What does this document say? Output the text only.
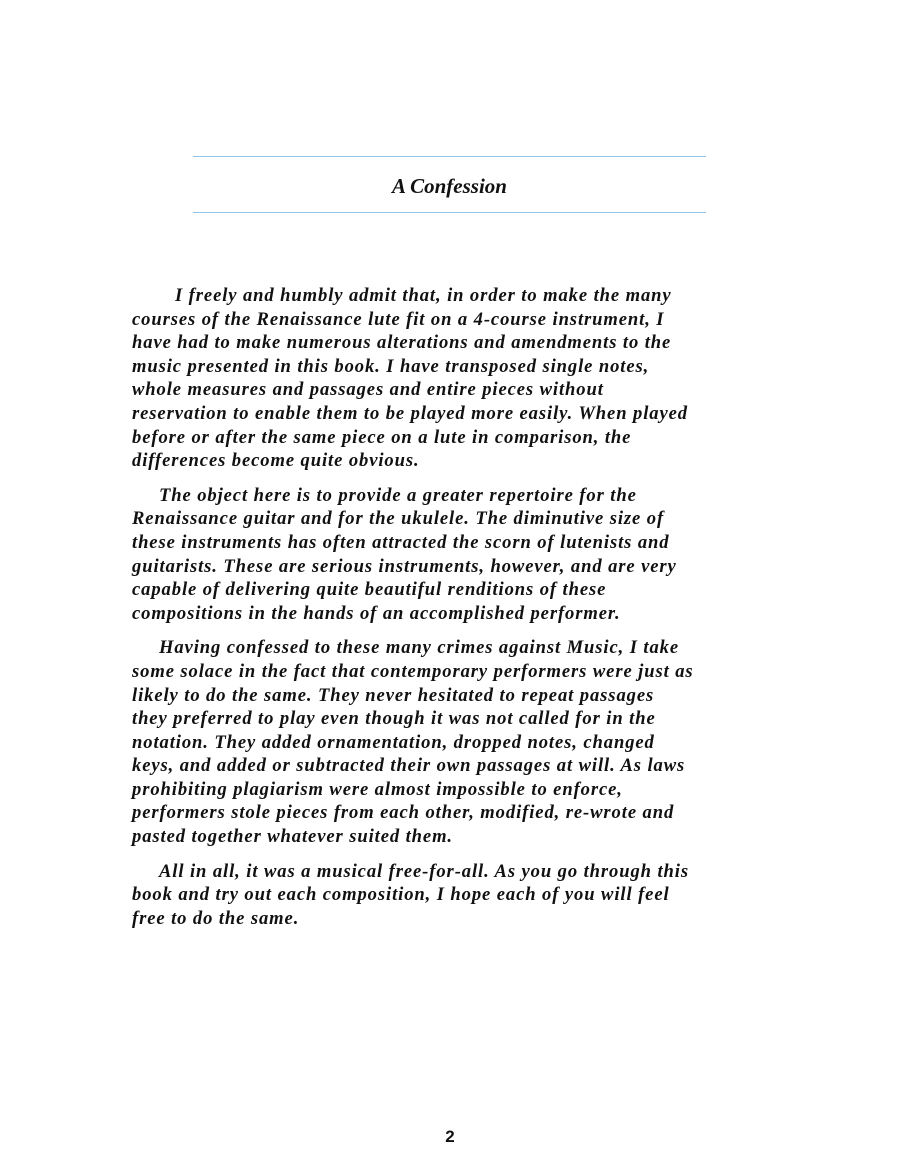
A Confession

I freely and humbly admit that, in order to make the many
courses of the Renaissance lute fit on a 4-course instrument, I
have had to make numerous alterations and amendments to the
music presented in this book. I have transposed single notes,
whole measures and passages and entire pieces without
reservation to enable them to be played more easily. When played
before or after the same piece on a lute in comparison, the
differences become quite obvious.

The object here is to provide a greater repertoire for the
Renaissance guitar and for the ukulele. The diminutive size of
these instruments has often attracted the scorn of lutenists and
guitarists. These are serious instruments, however, and are very
capable of delivering quite beautiful renditions of these
compositions in the hands of an accomplished performer.

Having confessed to these many crimes against Music, I take
some solace in the fact that contemporary performers were just as
likely to do the same. They never hesitated to repeat passages
they preferred to play even though it was not called for in the
notation. They added ornamentation, dropped notes, changed
keys, and added or subtracted their own passages at will. As laws
prohibiting plagiarism were almost impossible to enforce,
performers stole pieces from each other, modified, re-wrote and
pasted together whatever suited them.

All in all, it was a musical free-for-all. As you go through this
book and try out each composition, I hope each of you will feel
free to do the same.

2
